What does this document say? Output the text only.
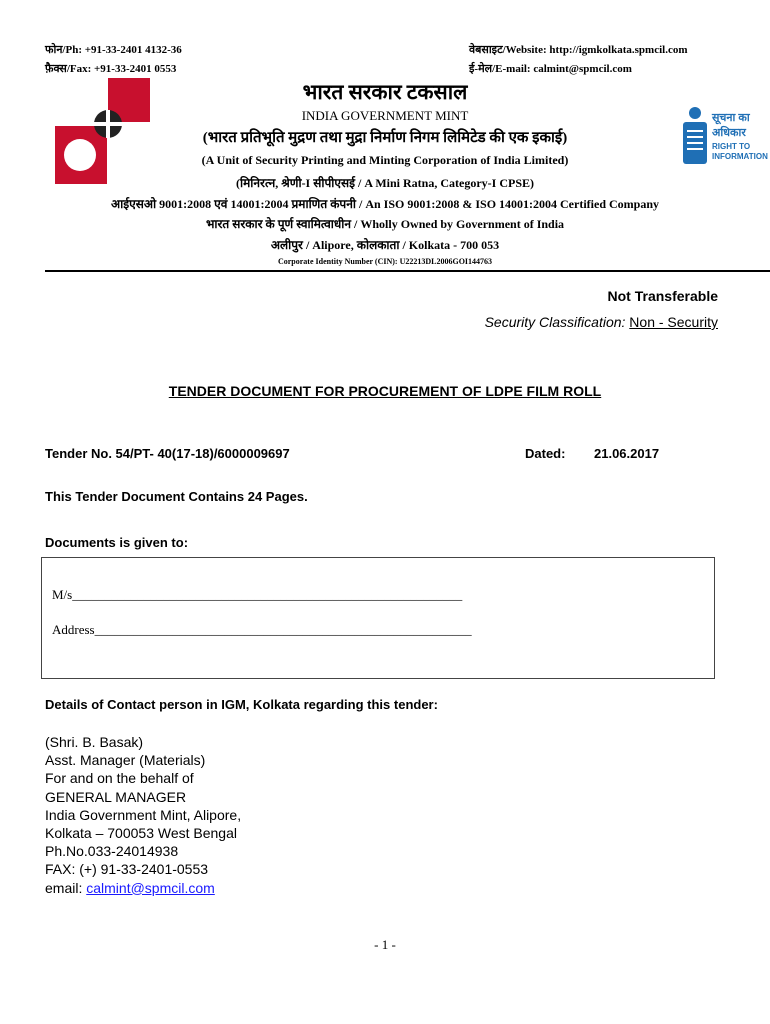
फोन/Ph: +91-33-2401 4132-36
फ़ैक्स/Fax: +91-33-2401 0553
वेबसाइट/Website: http://igmkolkata.spmcil.com
ई-मेल/E-mail: calmint@spmcil.com
सूचना का
अधिकार
RIGHT TO
INFORMATION
भारत सरकार टकसाल
INDIA GOVERNMENT MINT
(भारत प्रतिभूति मुद्रण तथा मुद्रा निर्माण निगम लिमिटेड की एक इकाई)
(A Unit of Security Printing and Minting Corporation of India Limited)
(मिनिरत्न, श्रेणी-I सीपीएसई / A Mini Ratna, Category-I CPSE)
आईएसओ 9001:2008 एवं 14001:2004 प्रमाणित कंपनी / An ISO 9001:2008 & ISO 14001:2004 Certified Company
भारत सरकार के पूर्ण स्वामित्वाधीन / Wholly Owned by Government of India
अलीपुर / Alipore, कोलकाता / Kolkata - 700 053
Corporate Identity Number (CIN): U22213DL2006GOI144763
Not Transferable
Security Classification: Non - Security
TENDER DOCUMENT FOR PROCUREMENT OF LDPE FILM ROLL
Tender No. 54/PT- 40(17-18)/6000009697	Dated: 21.06.2017
This Tender Document Contains 24 Pages.
Documents is given to:
M/s____________________________________________________________
Address__________________________________________________________
Details of Contact person in IGM, Kolkata regarding this tender:
(Shri. B. Basak)
Asst. Manager (Materials)
For and on the behalf of
GENERAL MANAGER
India Government Mint, Alipore,
Kolkata – 700053 West Bengal
Ph.No.033-24014938
FAX: (+) 91-33-2401-0553
email: calmint@spmcil.com
- 1 -
